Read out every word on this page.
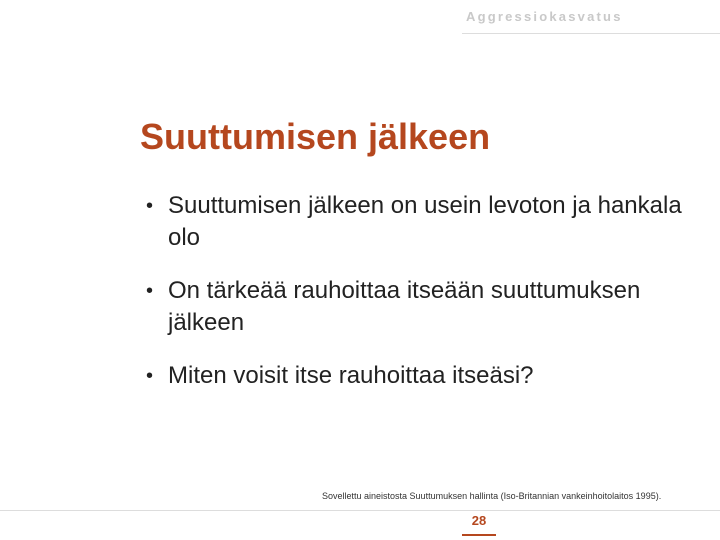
Aggressiokasvatus
Suuttumisen jälkeen
• Suuttumisen jälkeen on usein levoton ja hankala olo
• On tärkeää rauhoittaa itseään suuttumuksen jälkeen
• Miten voisit itse rauhoittaa itseäsi?
Sovellettu aineistosta Suuttumuksen hallinta (Iso-Britannian vankeinhoitolaitos 1995).
28
